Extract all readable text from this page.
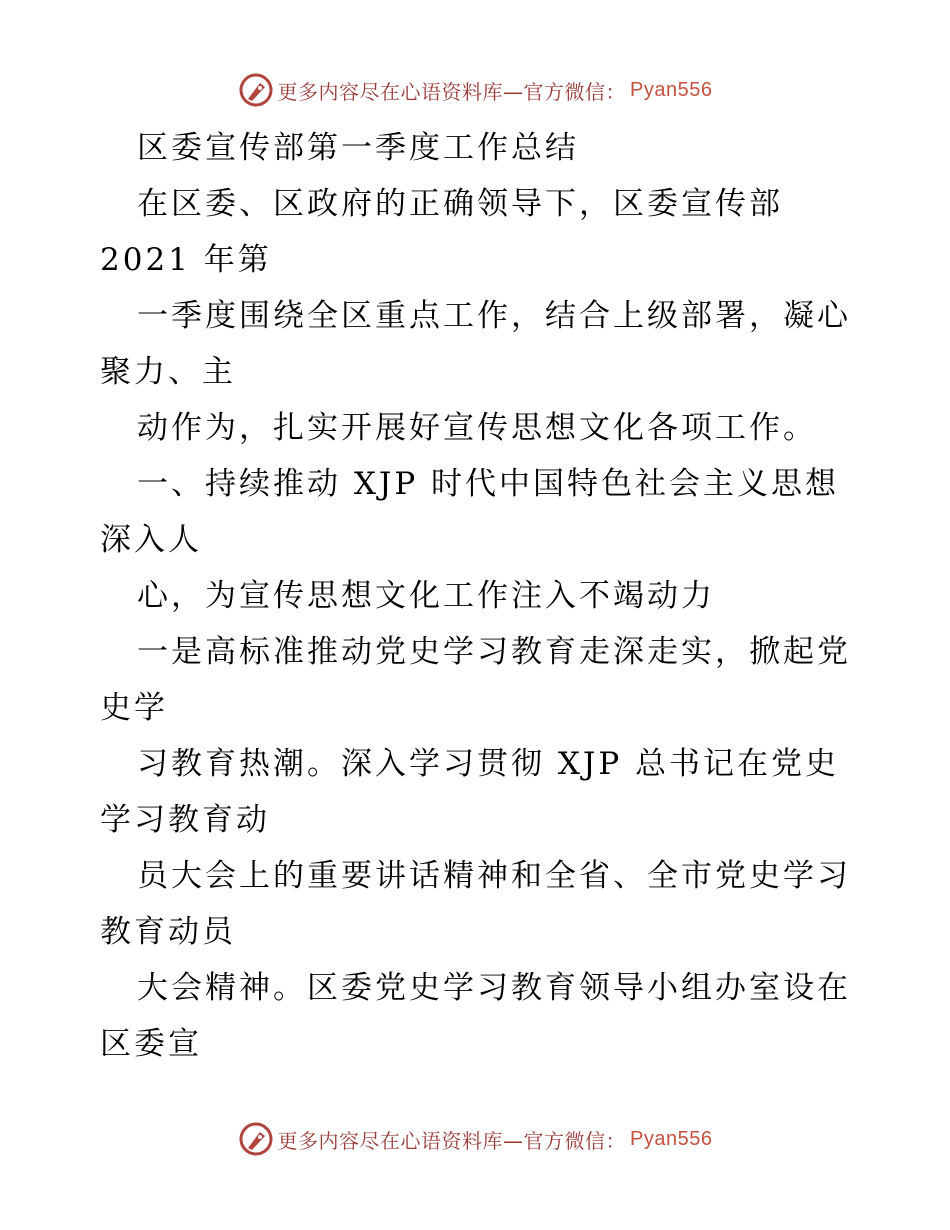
更多内容尽在心语资料库—官方微信： Pyan556
区委宣传部第一季度工作总结
在区委、区政府的正确领导下，区委宣传部
2021 年第
一季度围绕全区重点工作，结合上级部署，凝心
聚力、主
动作为，扎实开展好宣传思想文化各项工作。
一、持续推动 XJP 时代中国特色社会主义思想
深入人
心，为宣传思想文化工作注入不竭动力
一是高标准推动党史学习教育走深走实，掀起党
史学
习教育热潮。深入学习贯彻 XJP 总书记在党史
学习教育动
员大会上的重要讲话精神和全省、全市党史学习
教育动员
大会精神。区委党史学习教育领导小组办室设在
区委宣
更多内容尽在心语资料库—官方微信： Pyan556
